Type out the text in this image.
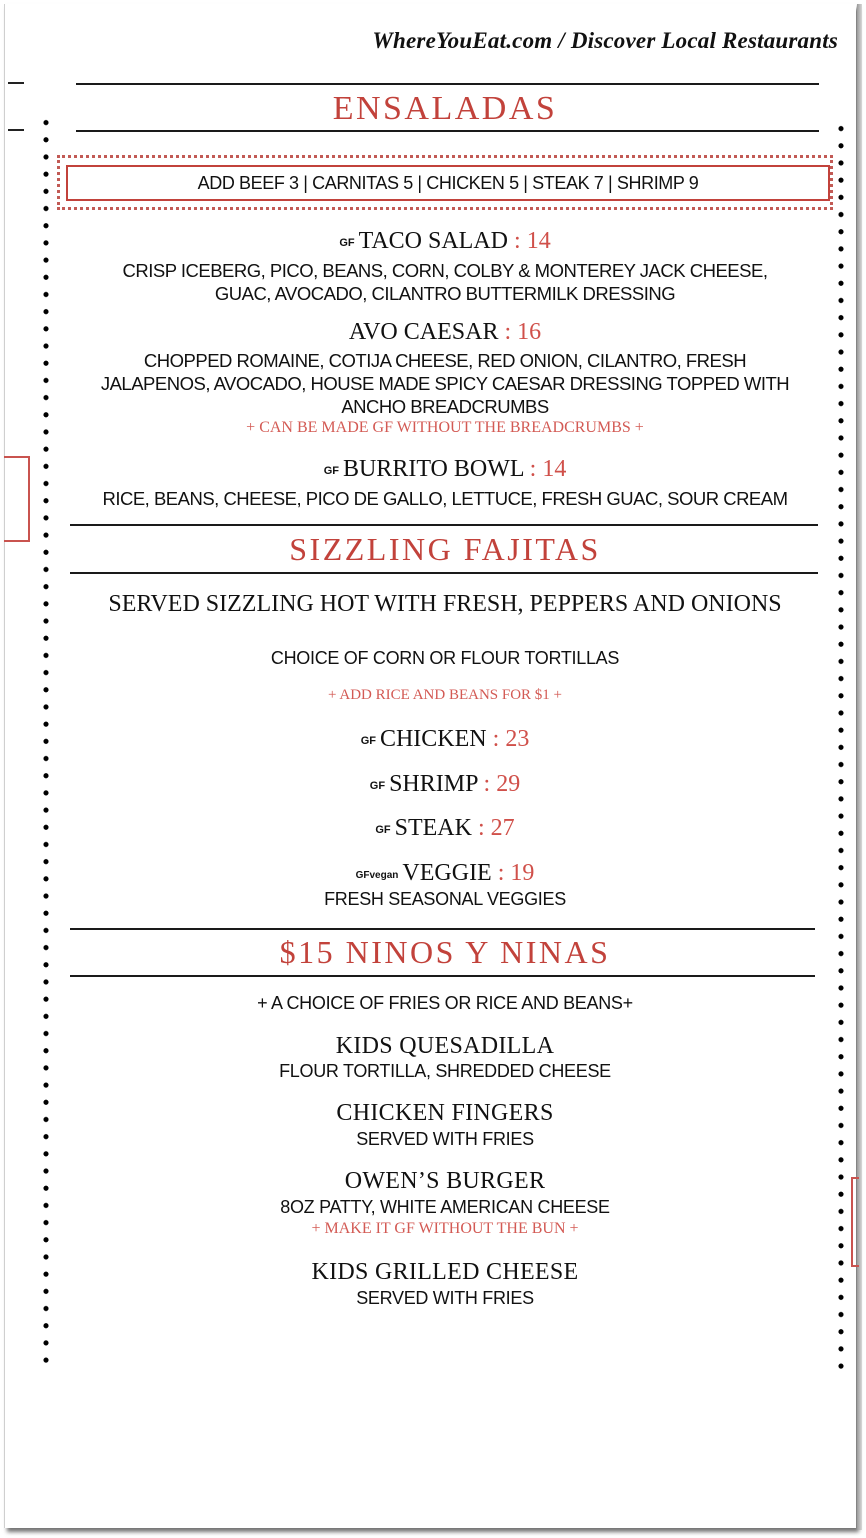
WhereYouEat.com / Discover Local Restaurants
ENSALADAS
ADD BEEF 3 | CARNITAS 5 | CHICKEN 5 | STEAK 7 | SHRIMP 9
GF TACO SALAD : 14
CRISP ICEBERG, PICO, BEANS, CORN, COLBY & MONTEREY JACK CHEESE, GUAC, AVOCADO, CILANTRO BUTTERMILK DRESSING
AVO CAESAR : 16
CHOPPED ROMAINE, COTIJA CHEESE, RED ONION, CILANTRO, FRESH JALAPENOS, AVOCADO, HOUSE MADE SPICY CAESAR DRESSING TOPPED WITH ANCHO BREADCRUMBS
+ CAN BE MADE GF WITHOUT THE BREADCRUMBS +
GF BURRITO BOWL : 14
RICE, BEANS, CHEESE, PICO DE GALLO, LETTUCE, FRESH GUAC, SOUR CREAM
SIZZLING FAJITAS
SERVED SIZZLING HOT WITH FRESH, PEPPERS AND ONIONS
CHOICE OF CORN OR FLOUR TORTILLAS
+ ADD RICE AND BEANS FOR $1 +
GF CHICKEN : 23
GF SHRIMP : 29
GF STEAK : 27
GFvegan VEGGIE : 19
FRESH SEASONAL VEGGIES
$15 NINOS Y NINAS
+ A CHOICE OF FRIES OR RICE AND BEANS+
KIDS QUESADILLA
FLOUR TORTILLA, SHREDDED CHEESE
CHICKEN FINGERS
SERVED WITH FRIES
OWEN’S BURGER
8OZ PATTY, WHITE AMERICAN CHEESE
+ MAKE IT GF WITHOUT THE BUN +
KIDS GRILLED CHEESE
SERVED WITH FRIES
